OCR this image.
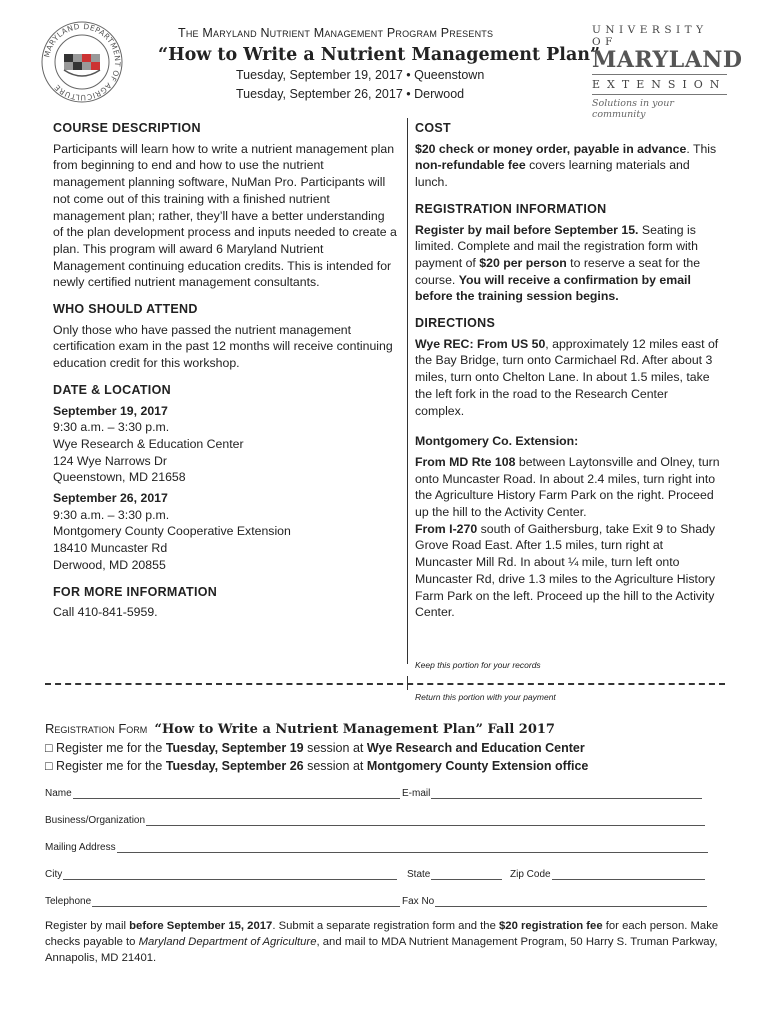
MARYLAND DEPARTMENT OF AGRICULTURE
The Maryland Nutrient Management Program Presents
“How to Write a Nutrient Management Plan”
Tuesday, September 19, 2017 • Queenstown
Tuesday, September 26, 2017 • Derwood
UNIVERSITY OF
MARYLAND
EXTENSION
Solutions in your community
COURSE DESCRIPTION

Participants will learn how to write a nutrient management plan from beginning to end and how to use the nutrient management planning software, NuMan Pro. Participants will not come out of this training with a finished nutrient management plan; rather, they’ll have a better understanding of the plan development process and inputs needed to create a plan. This program will award 6 Maryland Nutrient Management continuing education credits. This is intended for newly certified nutrient management consultants.

WHO SHOULD ATTEND

Only those who have passed the nutrient management certification exam in the past 12 months will receive continuing education credit for this workshop.

DATE & LOCATION

September 19, 2017

9:30 a.m. – 3:30 p.m.

Wye Research & Education Center

124 Wye Narrows Dr

Queenstown, MD 21658

September 26, 2017

9:30 a.m. – 3:30 p.m.

Montgomery County Cooperative Extension

18410 Muncaster Rd

Derwood, MD 20855

FOR MORE INFORMATION

Call 410-841-5959.

COST

$20 check or money order, payable in advance. This non-refundable fee covers learning materials and lunch.

REGISTRATION INFORMATION

Register by mail before September 15. Seating is limited. Complete and mail the registration form with payment of $20 per person to reserve a seat for the course. You will receive a confirmation by email before the training session begins.

DIRECTIONS

Wye REC: From US 50, approximately 12 miles east of the Bay Bridge, turn onto Carmichael Rd. After about 3 miles, turn onto Chelton Lane. In about 1.5 miles, take the left fork in the road to the Research Center complex.

Montgomery Co. Extension:

From MD Rte 108 between Laytonsville and Olney, turn onto Muncaster Road. In about 2.4 miles, turn right into the Agriculture History Farm Park on the right. Proceed up the hill to the Activity Center.

From I-270 south of Gaithersburg, take Exit 9 to Shady Grove Road East. After 1.5 miles, turn right at Muncaster Mill Rd. In about ¼ mile, turn left onto Muncaster Rd, drive 1.3 miles to the Agriculture History Farm Park on the left. Proceed up the hill to the Activity Center.

Keep this portion for your records
Return this portion with your payment
Registration Form “How to Write a Nutrient Management Plan” Fall 2017
□ Register me for the Tuesday, September 19 session at Wye Research and Education Center
□ Register me for the Tuesday, September 26 session at Montgomery County Extension office
Name	E-mail
Business/Organization
Mailing Address
City	State	Zip Code
Telephone	Fax No
Register by mail before September 15, 2017. Submit a separate registration form and the $20 registration fee for each person. Make checks payable to Maryland Department of Agriculture, and mail to MDA Nutrient Management Program, 50 Harry S. Truman Parkway, Annapolis, MD 21401.
